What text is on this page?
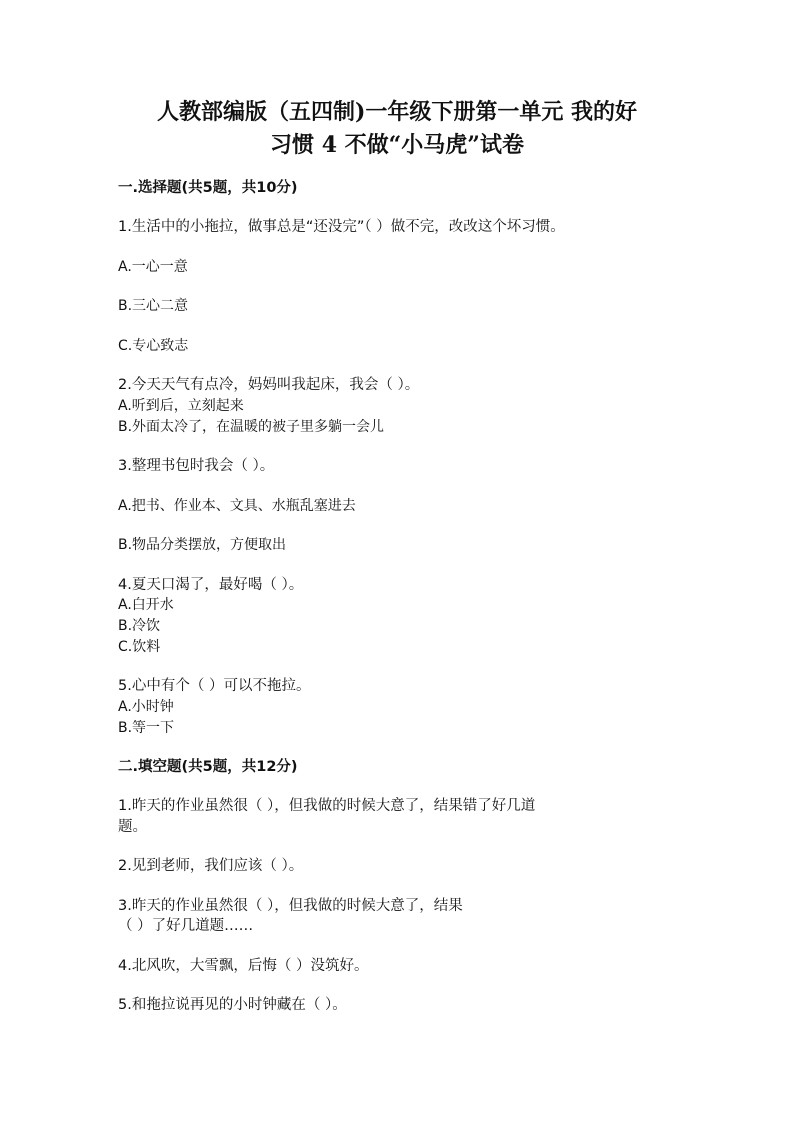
人教部编版（五四制)一年级下册第一单元 我的好
习惯 4 不做“小马虎”试卷
一.选择题(共5题，共10分)
1.生活中的小拖拉，做事总是“还没完”（ ）做不完，改改这个坏习惯。
A.一心一意
B.三心二意
C.专心致志
2.今天天气有点冷，妈妈叫我起床，我会（ ）。
A.听到后，立刻起来
B.外面太冷了，在温暖的被子里多躺一会儿
3.整理书包时我会（ ）。
A.把书、作业本、文具、水瓶乱塞进去
B.物品分类摆放，方便取出
4.夏天口渴了，最好喝（ ）。
A.白开水
B.冷饮
C.饮料
5.心中有个（ ）可以不拖拉。
A.小时钟
B.等一下
二.填空题(共5题，共12分)
1.昨天的作业虽然很（ ），但我做的时候大意了，结果错了好几道
题。
2.见到老师，我们应该（ ）。
3.昨天的作业虽然很（ ），但我做的时候大意了，结果
（ ）了好几道题……
4.北风吹，大雪飘，后悔（ ）没筑好。
5.和拖拉说再见的小时钟藏在（ ）。
